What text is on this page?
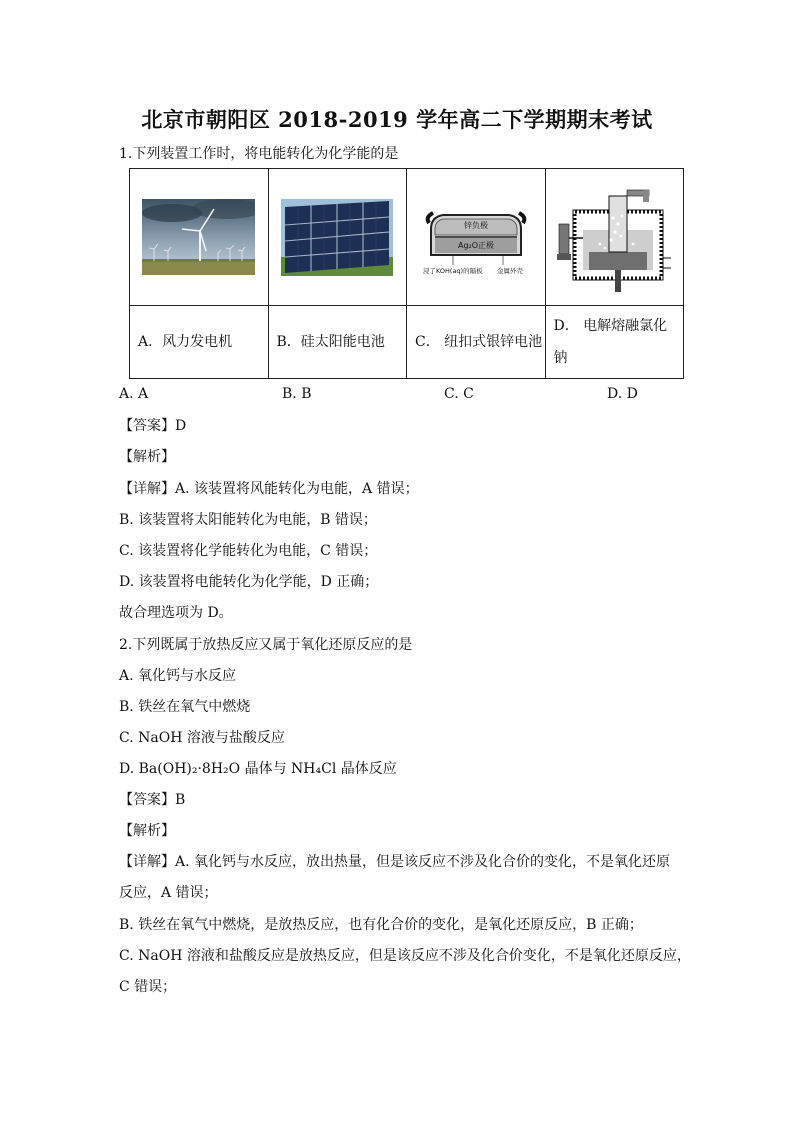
北京市朝阳区 2018-2019 学年高二下学期期末考试
1.下列装置工作时，将电能转化为化学能的是

锌负极
Ag₂O正极
浸了KOH(aq)的隔板 金属外壳

A．风力发电机	B．硅太阳能电池	C． 纽扣式银锌电池	D． 电解熔融氯化钠
A. A	B. B	C. C	D. D
【答案】D
【解析】
【详解】A. 该装置将风能转化为电能，A 错误；
B. 该装置将太阳能转化为电能，B 错误；
C. 该装置将化学能转化为电能，C 错误；
D. 该装置将电能转化为化学能，D 正确；
故合理选项为 D。
2.下列既属于放热反应又属于氧化还原反应的是
A. 氧化钙与水反应
B. 铁丝在氧气中燃烧
C. NaOH 溶液与盐酸反应
D. Ba(OH)₂·8H₂O 晶体与 NH₄Cl 晶体反应
【答案】B
【解析】
【详解】A. 氧化钙与水反应，放出热量，但是该反应不涉及化合价的变化，不是氧化还原
反应，A 错误；
B. 铁丝在氧气中燃烧，是放热反应，也有化合价的变化，是氧化还原反应，B 正确；
C. NaOH 溶液和盐酸反应是放热反应，但是该反应不涉及化合价变化，不是氧化还原反应，
C 错误；
